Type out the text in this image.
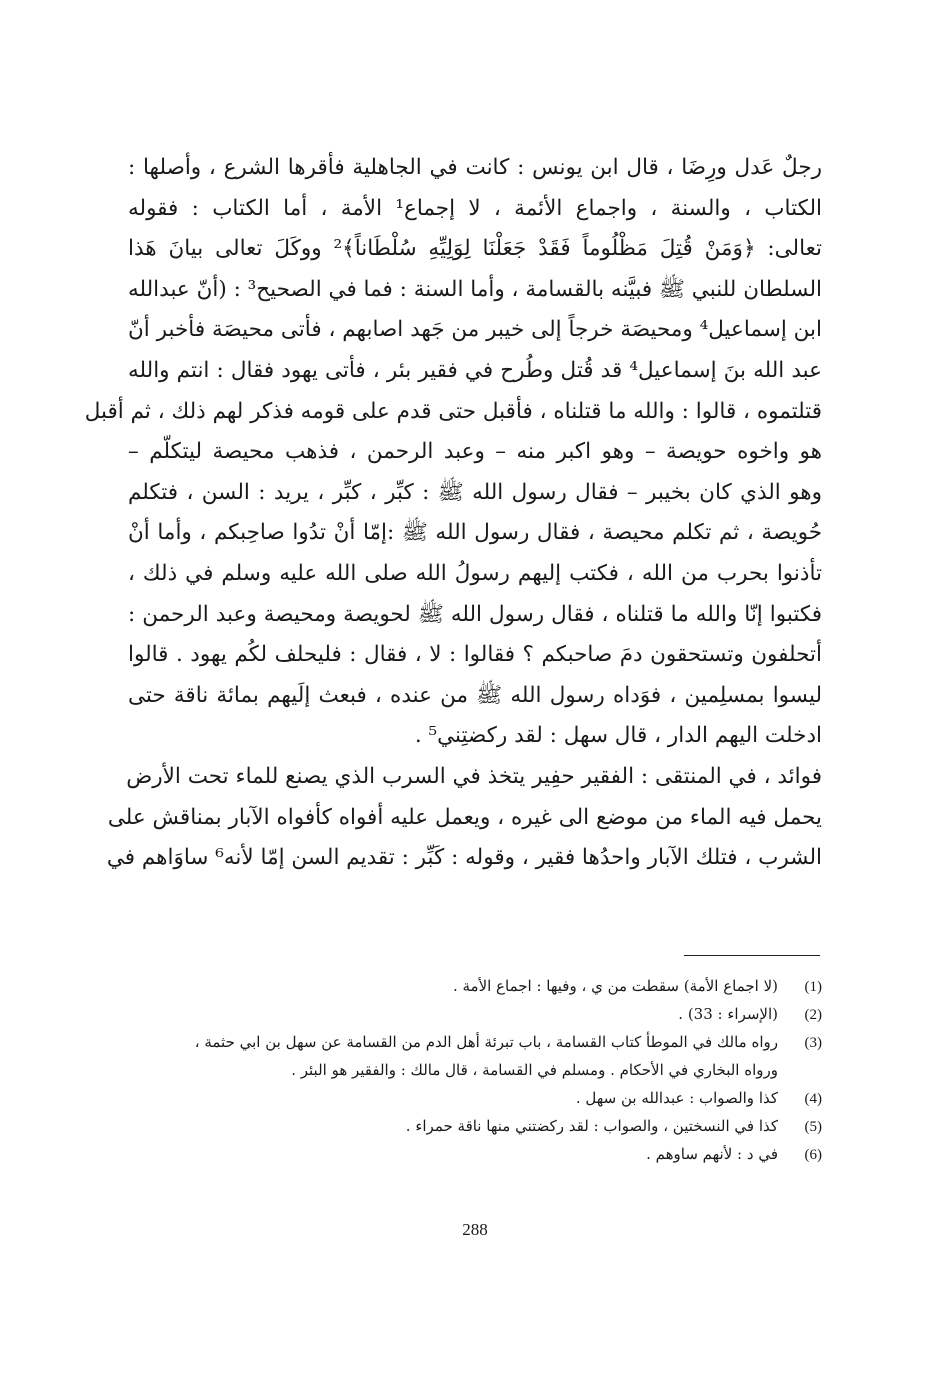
رجلٌ عَدل ورِضَا ، قال ابن يونس : كانت في الجاهلية فأقرها الشرع ، وأصلها :
الكتاب ، والسنة ، واجماع الأئمة ، لا إجماع¹ الأمة ، أما الكتاب : فقوله
تعالى: ﴿وَمَنْ قُتِلَ مَظْلُوماً فَقَدْ جَعَلْنَا لِوَلِيِّهِ سُلْطَاناً﴾² ووكَلَ تعالى بيانَ هَذا
السلطان للنبي ﷺ فبيَّنه بالقسامة ، وأما السنة : فما في الصحيح³ : (أنّ عبدالله
ابن إسماعيل⁴ ومحيصَة خرجاً إلى خيبر من جَهد اصابهم ، فأتى محيصَة فأخبر أنّ
عبد الله بنَ إسماعيل⁴ قد قُتل وطُرح في فقير بئر ، فأتى يهود فقال : انتم والله
قتلتموه ، قالوا : والله ما قتلناه ، فأقبل حتى قدم على قومه فذكر لهم ذلك ، ثم أقبل
هو واخوه حويصة – وهو اكبر منه – وعبد الرحمن ، فذهب محيصة ليتكلّم –
وهو الذي كان بخيبر – فقال رسول الله ﷺ : كبِّر ، كبِّر ، يريد : السن ، فتكلم
حُويصة ، ثم تكلم محيصة ، فقال رسول الله ﷺ :إمّا أنْ تدُوا صاحِبكم ، وأما أنْ
تأذنوا بحرب من الله ، فكتب إليهم رسولُ الله صلى الله عليه وسلم في ذلك ،
فكتبوا إنّا والله ما قتلناه ، فقال رسول الله ﷺ لحويصة ومحيصة وعبد الرحمن :
أتحلفون وتستحقون دمَ صاحبكم ؟ فقالوا : لا ، فقال : فليحلف لكُم يهود . قالوا
ليسوا بمسلِمين ، فوَداه رسول الله ﷺ من عنده ، فبعث إلَيهم بمائة ناقة حتى
ادخلت اليهم الدار ، قال سهل : لقد ركضتِني⁵ .
فوائد ، في المنتقى : الفقير حفِير يتخذ في السرب الذي يصنع للماء تحت الأرض
يحمل فيه الماء من موضع الى غيره ، ويعمل عليه أفواه كأفواه الآبار بمناقش على
الشرب ، فتلك الآبار واحدُها فقير ، وقوله : كَبِّر : تقديم السن إمّا لأنه⁶ ساوَاهم في
(1)
(لا اجماع الأمة) سقطت من ي ، وفيها : اجماع الأمة .
(2)
(الإسراء : 33) .
(3)
رواه مالك في الموطأ كتاب القسامة ، باب تبرئة أهل الدم من القسامة عن سهل بن ابي حثمة ،
ورواه البخاري في الأحكام . ومسلم في القسامة ، قال مالك : والفقير هو البئر .
(4)
كذا والصواب : عبدالله بن سهل .
(5)
كذا في النسختين ، والصواب : لقد ركضتني منها ناقة حمراء .
(6)
في د : لأنهم ساوهم .
288
